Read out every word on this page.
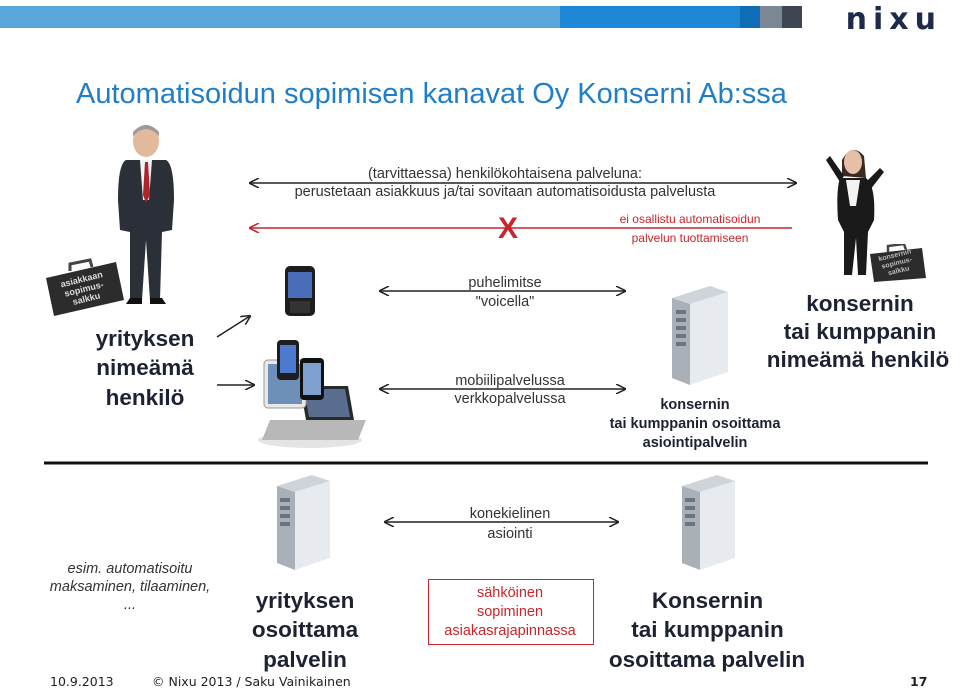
nixu
Automatisoidun sopimisen kanavat Oy Konserni Ab:ssa
(tarvittaessa) henkilökohtaisena palveluna:
perustetaan asiakkuus ja/tai sovitaan automatisoidusta palvelusta
X	ei osallistu automatisoidun
palvelun tuottamiseen
asiakkaan sopimus-salkku
yrityksen
nimeämä
henkilö
konsernin sopimus-salkku
konsernin
tai kumppanin
nimeämä henkilö
puhelimitse
"voicella"
mobiilipalvelussa
verkkopalvelussa	konsernin
tai kumppanin osoittama
asiointipalvelin
esim. automatisoitu
maksaminen, tilaaminen,
...	yrityksen
osoittama
palvelin
konekielinen
asiointi
sähköinen
sopiminen
asiakasrajapinnassa
Konsernin
tai kumppanin
osoittama palvelin
10.9.2013	© Nixu 2013 / Saku Vainikainen	17
